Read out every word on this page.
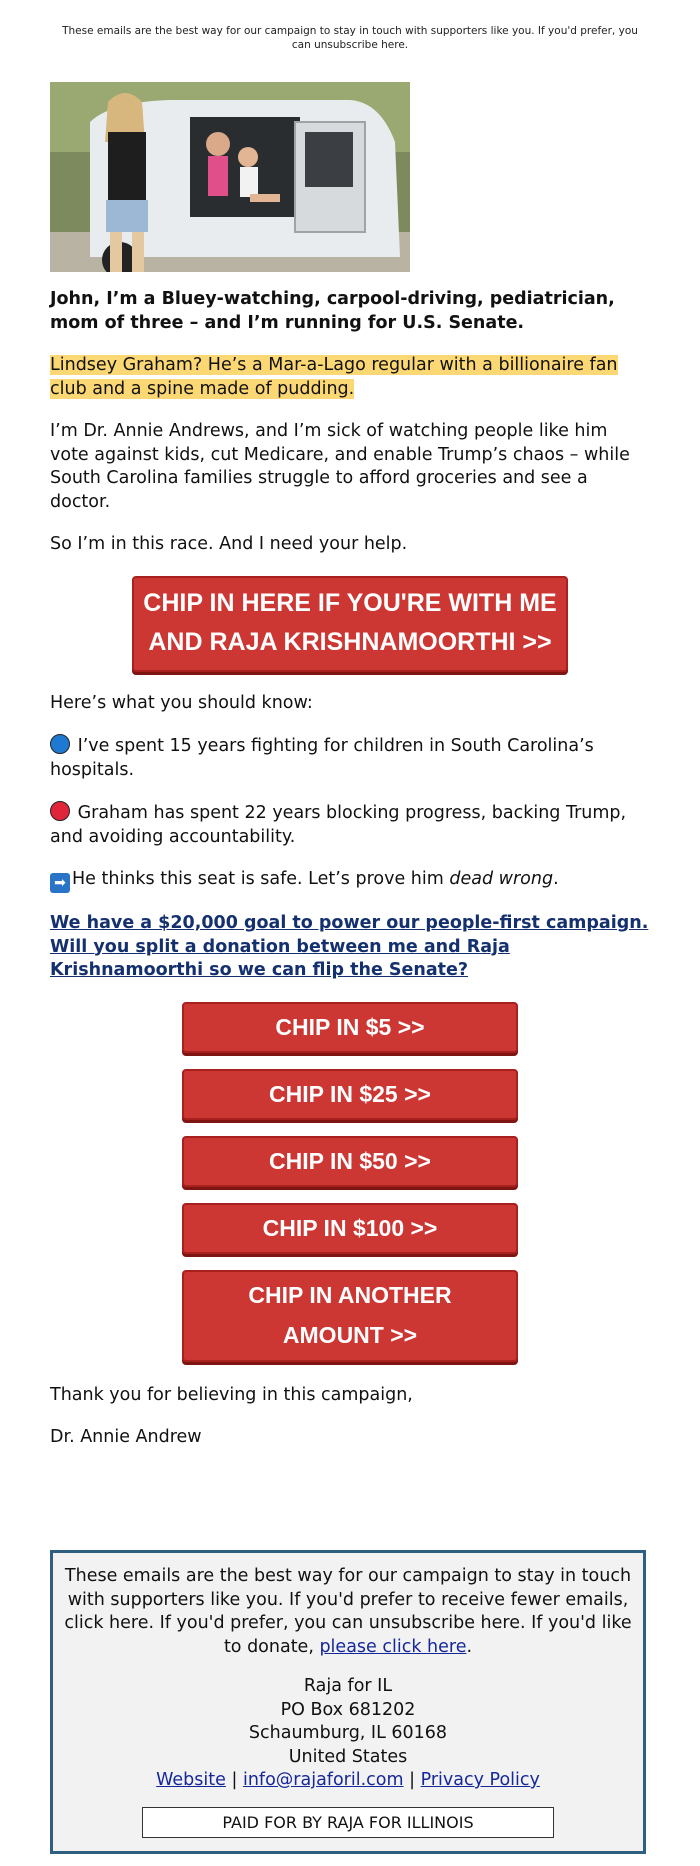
These emails are the best way for our campaign to stay in touch with supporters like you. If you'd prefer, you can unsubscribe here.

John, I’m a Bluey-watching, carpool-driving, pediatrician, mom of three – and I’m running for U.S. Senate.

Lindsey Graham? He’s a Mar-a-Lago regular with a billionaire fan club and a spine made of pudding.

I’m Dr. Annie Andrews, and I’m sick of watching people like him vote against kids, cut Medicare, and enable Trump’s chaos – while South Carolina families struggle to afford groceries and see a doctor.

So I’m in this race. And I need your help.

CHIP IN HERE IF YOU'RE WITH ME
AND RAJA KRISHNAMOORTHI >>

Here’s what you should know:

I’ve spent 15 years fighting for children in South Carolina’s hospitals.

Graham has spent 22 years blocking progress, backing Trump, and avoiding accountability.

➡ He thinks this seat is safe. Let’s prove him dead wrong.

We have a $20,000 goal to power our people-first campaign. Will you split a donation between me and Raja Krishnamoorthi so we can flip the Senate?

CHIP IN $5 >> CHIP IN $25 >> CHIP IN $50 >> CHIP IN $100 >>
CHIP IN ANOTHER
AMOUNT >>

Thank you for believing in this campaign,

Dr. Annie Andrew

These emails are the best way for our campaign to stay in touch with supporters like you. If you'd prefer to receive fewer emails, click here. If you'd prefer, you can unsubscribe here. If you'd like to donate, please click here.
Raja for IL
PO Box 681202
Schaumburg, IL 60168
United States
Website | info@rajaforil.com | Privacy Policy
PAID FOR BY RAJA FOR ILLINOIS
